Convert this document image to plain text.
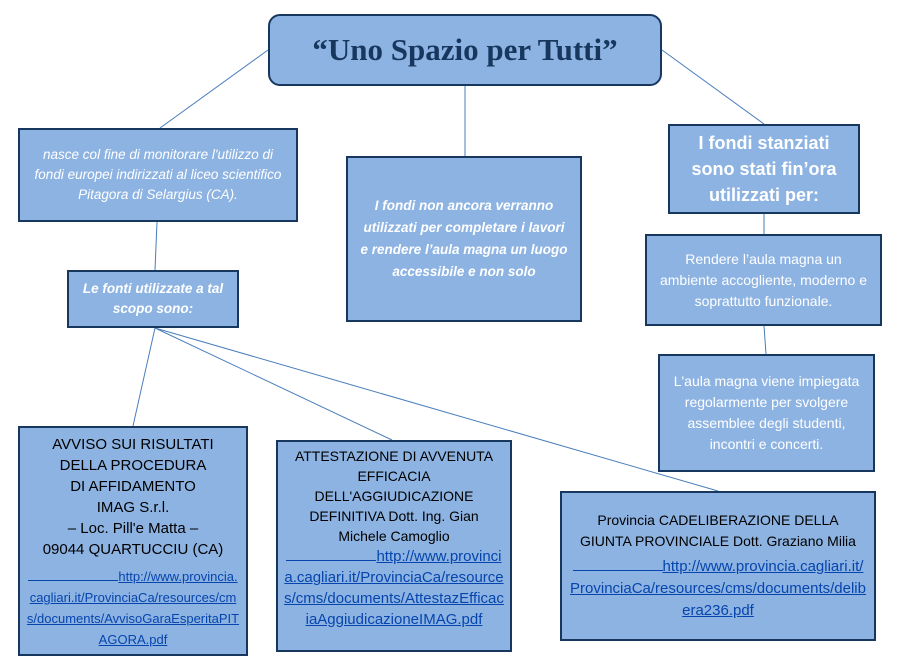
“Uno Spazio per Tutti”
nasce col fine di monitorare l'utilizzo di fondi europei indirizzati al liceo scientifico Pitagora di Selargius (CA).
Le fonti utilizzate a tal scopo sono:
I fondi non ancora verranno utilizzati per completare i lavori e rendere l’aula magna un luogo accessibile e non solo
I fondi stanziati sono stati fin’ora utilizzati per:
Rendere l’aula magna un ambiente accogliente, moderno e soprattutto funzionale.
L'aula magna viene impiegata regolarmente per svolgere assemblee degli studenti, incontri e concerti.
AVVISO SUI RISULTATI
DELLA PROCEDURA
DI AFFIDAMENTO
IMAG S.r.l.
– Loc. Pill'e Matta –
09044 QUARTUCCIU (CA)
http://www.provincia.cagliari.it/ProvinciaCa/resources/cms/documents/AvvisoGaraEsperitaPITAGORA.pdf
ATTESTAZIONE DI AVVENUTA EFFICACIA DELL'AGGIUDICAZIONE DEFINITIVA Dott. Ing. Gian Michele Camoglio
http://www.provincia.cagliari.it/ProvinciaCa/resources/cms/documents/AttestazEfficaciaAggiudicazioneIMAG.pdf
Provincia CADELIBERAZIONE DELLA GIUNTA PROVINCIALE Dott. Graziano Milia
http://www.provincia.cagliari.it/ProvinciaCa/resources/cms/documents/delibera236.pdf
